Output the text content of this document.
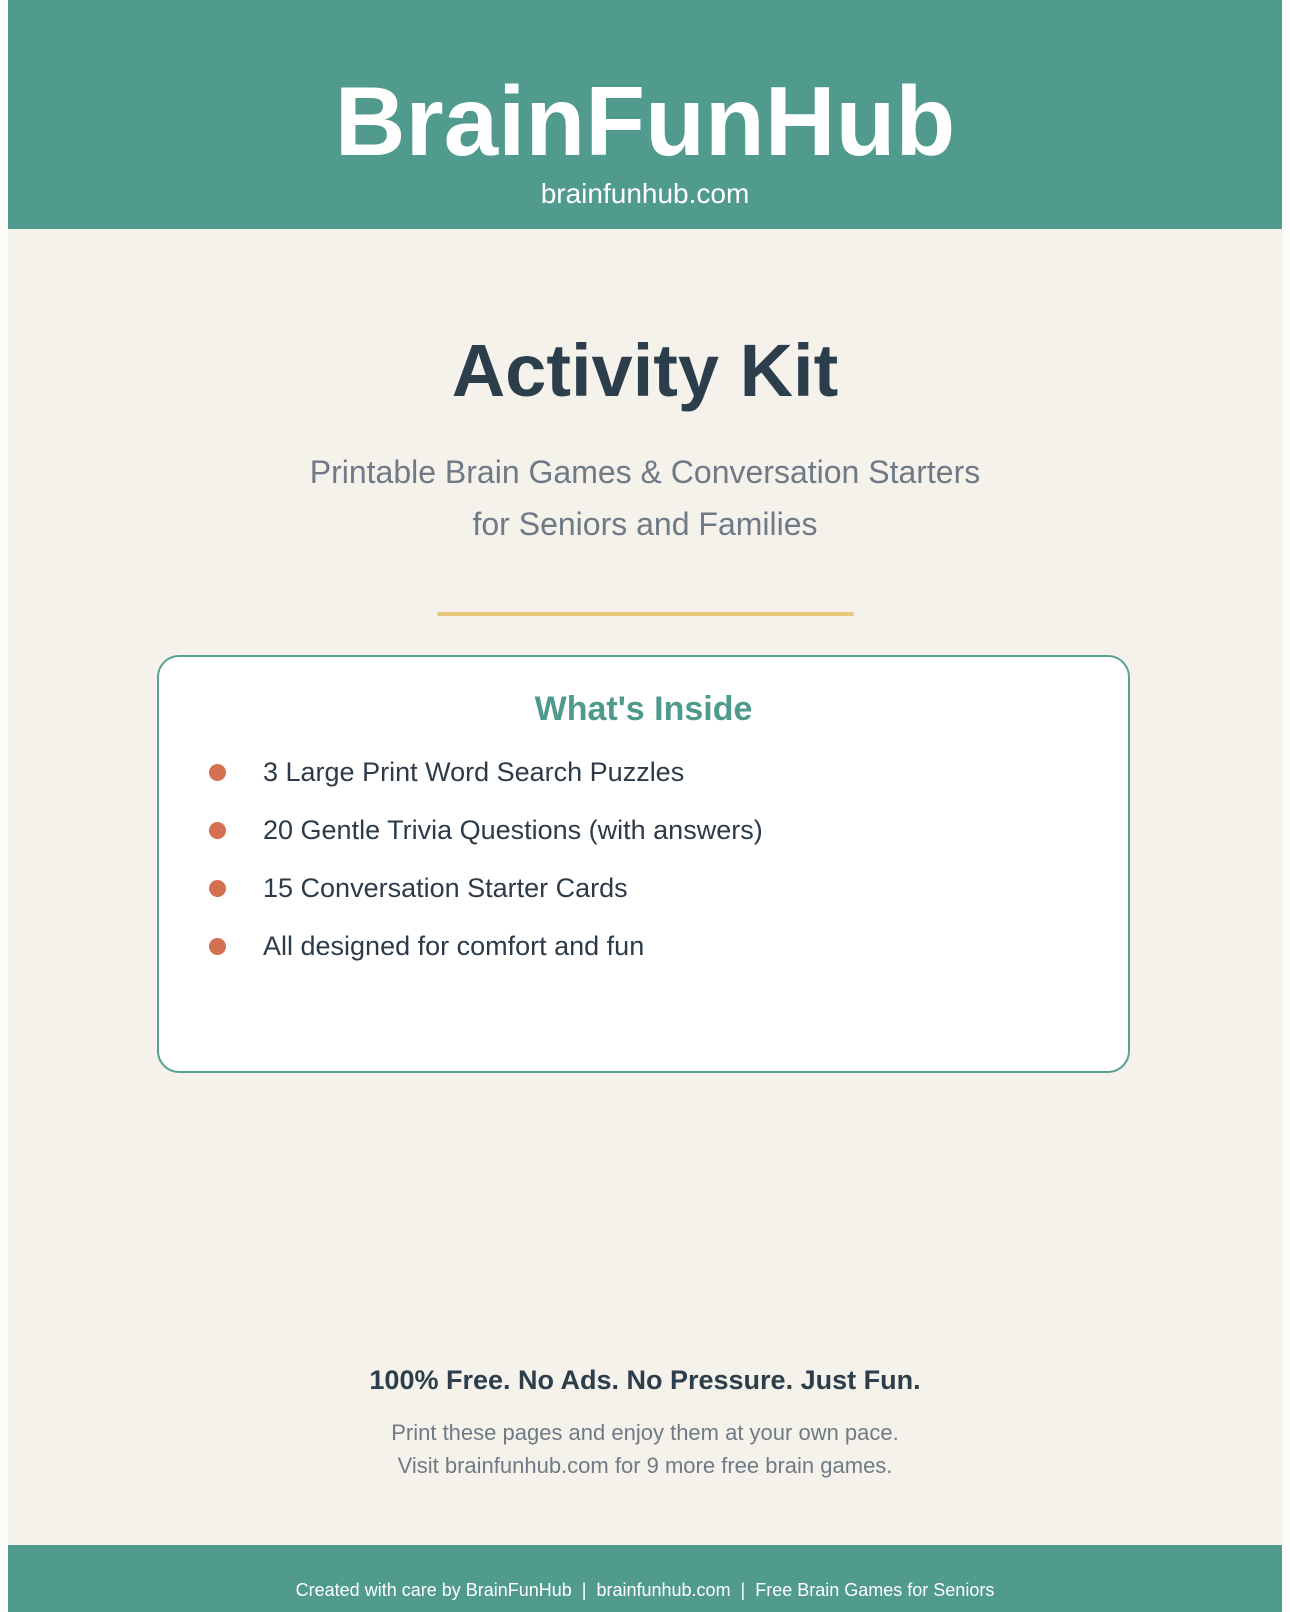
BrainFunHub
brainfunhub.com
Activity Kit
Printable Brain Games & Conversation Starters
for Seniors and Families
What's Inside
3 Large Print Word Search Puzzles
20 Gentle Trivia Questions (with answers)
15 Conversation Starter Cards
All designed for comfort and fun
100% Free. No Ads. No Pressure. Just Fun.
Print these pages and enjoy them at your own pace.
Visit brainfunhub.com for 9 more free brain games.
Created with care by BrainFunHub  |  brainfunhub.com  |  Free Brain Games for Seniors
